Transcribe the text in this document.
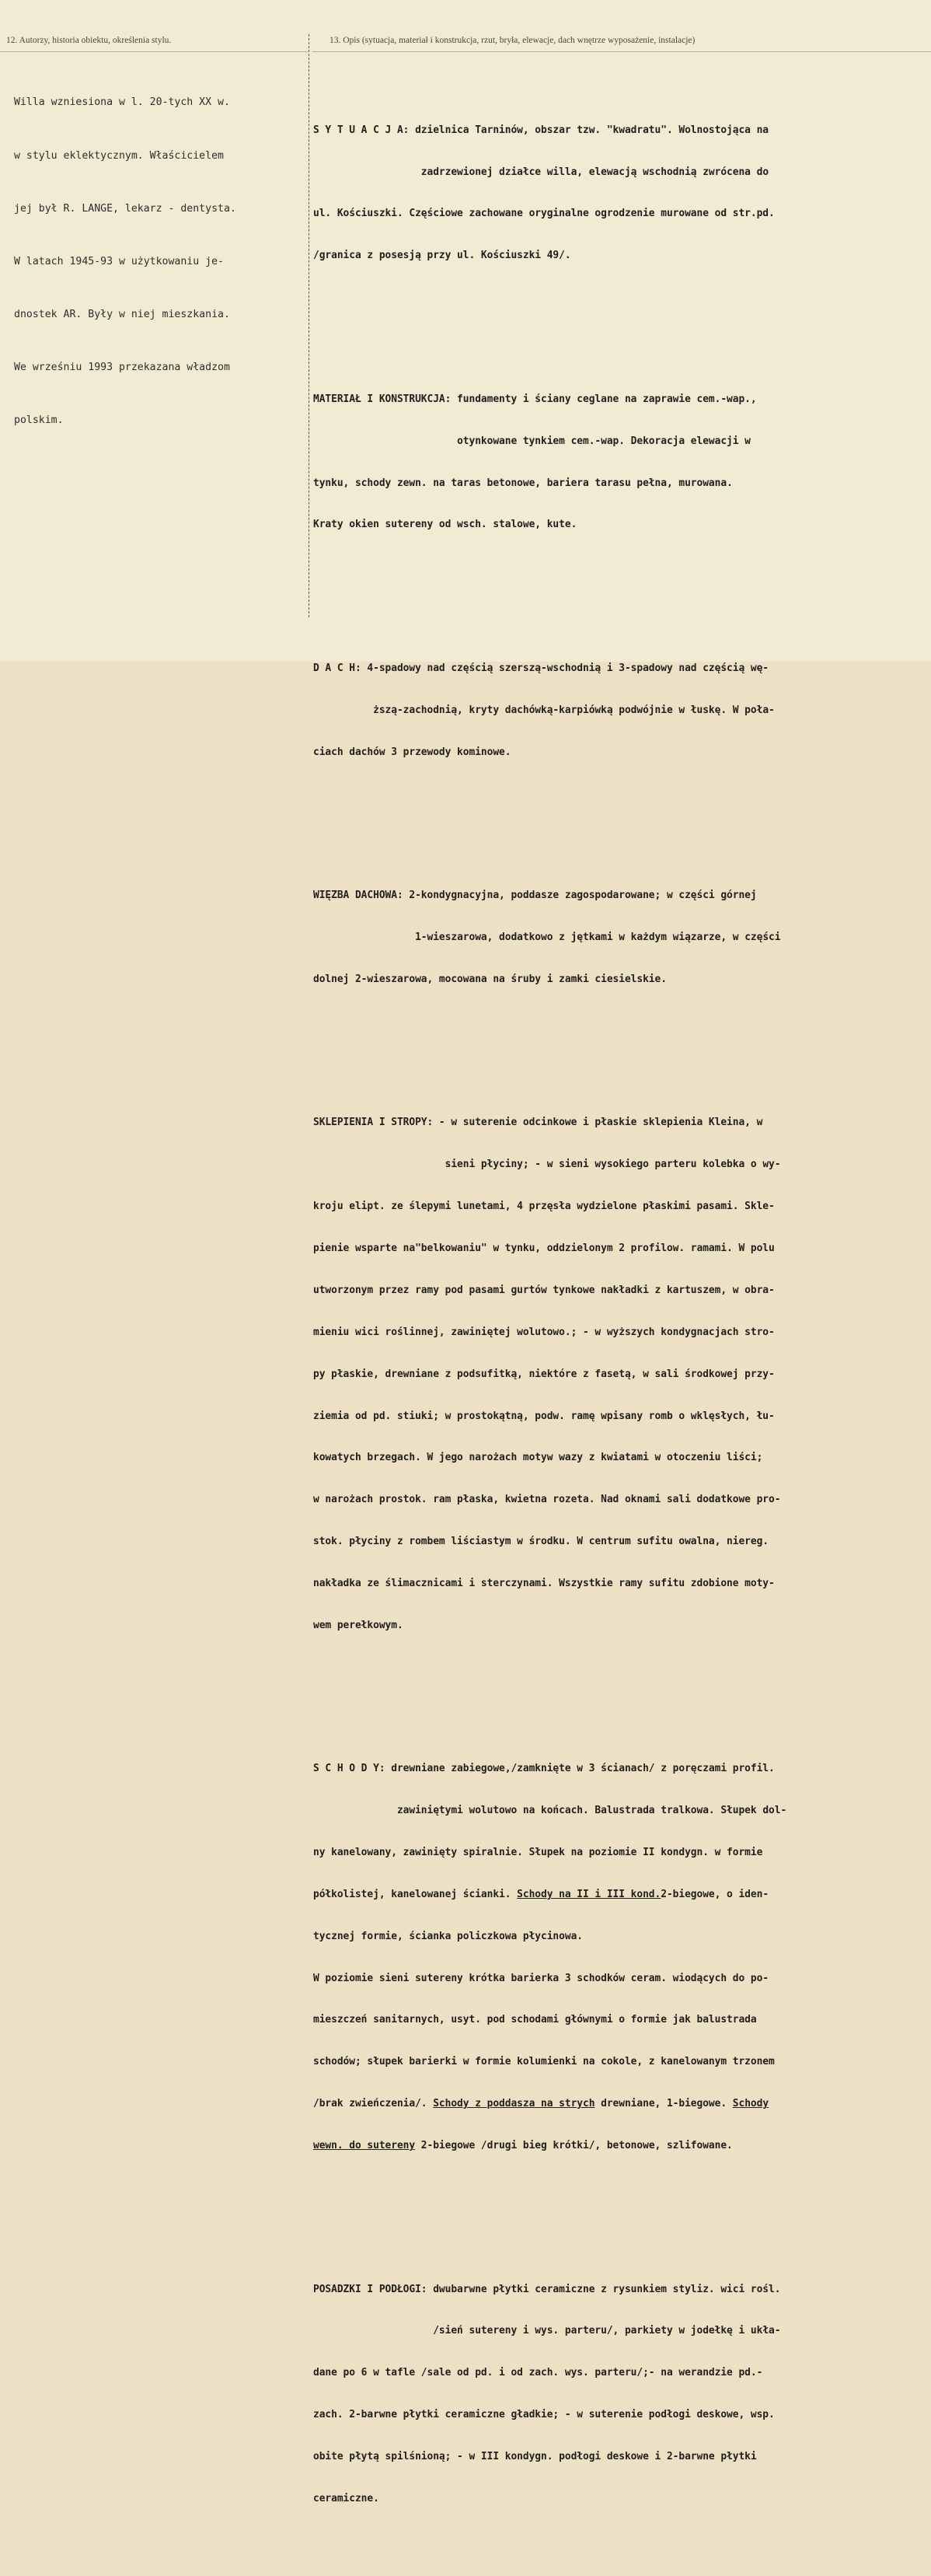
12. Autorzy, historia obiektu, określenia stylu.	13. Opis (sytuacja, materiał i konstrukcja, rzut, bryła, elewacje, dach wnętrze wyposażenie, instalacje)

Willa wzniesiona w l. 20-tych XX w.

w stylu eklektycznym. Właścicielem

jej był R. LANGE, lekarz - dentysta.

W latach 1945-93 w użytkowaniu je-

dnostek AR. Były w niej mieszkania.

We wrześniu 1993 przekazana władzom

polskim.

S Y T U A C J A: dzielnica Tarninów, obszar tzw. "kwadratu". Wolnostojąca na

zadrzewionej działce willa, elewacją wschodnią zwrócena do

ul. Kościuszki. Częściowe zachowane oryginalne ogrodzenie murowane od str.pd.

/granica z posesją przy ul. Kościuszki 49/.

MATERIAŁ I KONSTRUKCJA: fundamenty i ściany ceglane na zaprawie cem.-wap.,

otynkowane tynkiem cem.-wap. Dekoracja elewacji w

tynku, schody zewn. na taras betonowe, bariera tarasu pełna, murowana.

Kraty okien sutereny od wsch. stalowe, kute.

D A C H: 4-spadowy nad częścią szerszą-wschodnią i 3-spadowy nad częścią wę-

ższą-zachodnią, kryty dachówką-karpiówką podwójnie w łuskę. W poła-

ciach dachów 3 przewody kominowe.

WIĘZBA DACHOWA: 2-kondygnacyjna, poddasze zagospodarowane; w części górnej

1-wieszarowa, dodatkowo z jętkami w każdym wiązarze, w części

dolnej 2-wieszarowa, mocowana na śruby i zamki ciesielskie.

SKLEPIENIA I STROPY: - w suterenie odcinkowe i płaskie sklepienia Kleina, w

sieni płyciny; - w sieni wysokiego parteru kolebka o wy-

kroju elipt. ze ślepymi lunetami, 4 przęsła wydzielone płaskimi pasami. Skle-

pienie wsparte na"belkowaniu" w tynku, oddzielonym 2 profilow. ramami. W polu

utworzonym przez ramy pod pasami gurtów tynkowe nakładki z kartuszem, w obra-

mieniu wici roślinnej, zawiniętej wolutowo.; - w wyższych kondygnacjach stro-

py płaskie, drewniane z podsufitką, niektóre z fasetą, w sali środkowej przy-

ziemia od pd. stiuki; w prostokątną, podw. ramę wpisany romb o wklęsłych, łu-

kowatych brzegach. W jego narożach motyw wazy z kwiatami w otoczeniu liści;

w narożach prostok. ram płaska, kwietna rozeta. Nad oknami sali dodatkowe pro-

stok. płyciny z rombem liściastym w środku. W centrum sufitu owalna, niereg.

nakładka ze ślimacznicami i sterczynami. Wszystkie ramy sufitu zdobione moty-

wem perełkowym.

S C H O D Y: drewniane zabiegowe,/zamknięte w 3 ścianach/ z poręczami profil.

zawiniętymi wolutowo na końcach. Balustrada tralkowa. Słupek dol-

ny kanelowany, zawinięty spiralnie. Słupek na poziomie II kondygn. w formie

półkolistej, kanelowanej ścianki. Schody na II i III kond.2-biegowe, o iden-

tycznej formie, ścianka policzkowa płycinowa.

W poziomie sieni sutereny krótka barierka 3 schodków ceram. wiodących do po-

mieszczeń sanitarnych, usyt. pod schodami głównymi o formie jak balustrada

schodów; słupek barierki w formie kolumienki na cokole, z kanelowanym trzonem

/brak zwieńczenia/. Schody z poddasza na strych drewniane, 1-biegowe. Schody

wewn. do sutereny 2-biegowe /drugi bieg krótki/, betonowe, szlifowane.

POSADZKI I PODŁOGI: dwubarwne płytki ceramiczne z rysunkiem styliz. wici rośl.

/sień sutereny i wys. parteru/, parkiety w jodełkę i ukła-

dane po 6 w tafle /sale od pd. i od zach. wys. parteru/;- na werandzie pd.-

zach. 2-barwne płytki ceramiczne gładkie; - w suterenie podłogi deskowe, wsp.

obite płytą spilśnioną; - w III kondygn. podłogi deskowe i 2-barwne płytki

ceramiczne.
